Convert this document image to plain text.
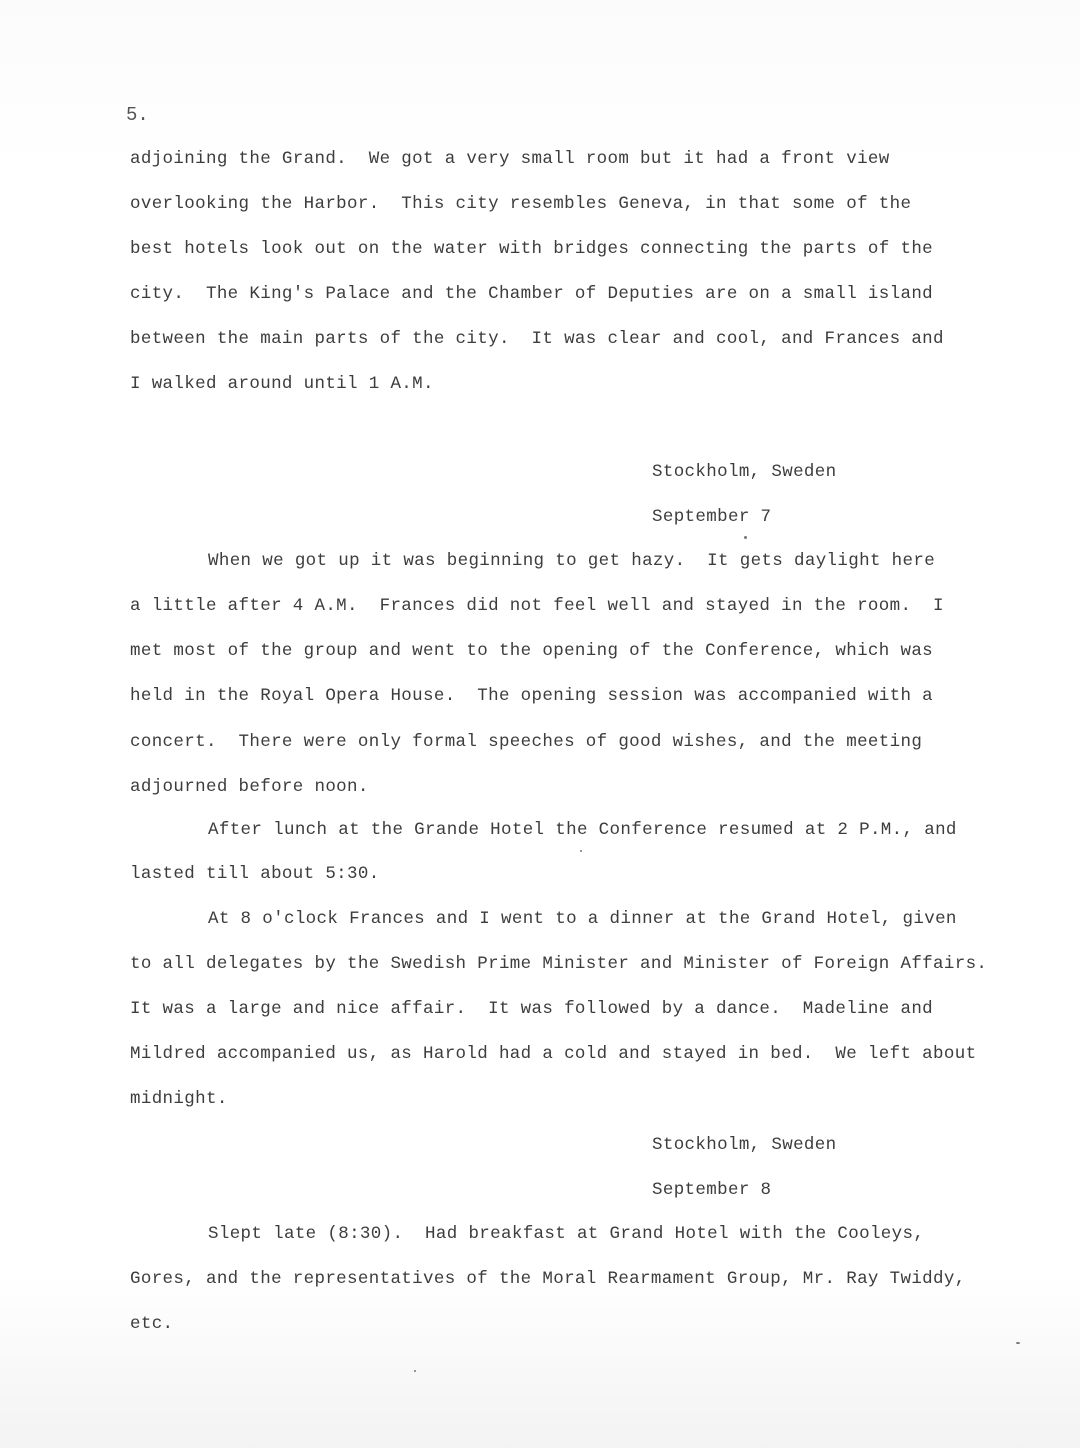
5.
adjoining the Grand.  We got a very small room but it had a front view
overlooking the Harbor.  This city resembles Geneva, in that some of the
best hotels look out on the water with bridges connecting the parts of the
city.  The King's Palace and the Chamber of Deputies are on a small island
between the main parts of the city.  It was clear and cool, and Frances and
I walked around until 1 A.M.
Stockholm, Sweden
September 7
When we got up it was beginning to get hazy.  It gets daylight here
a little after 4 A.M.  Frances did not feel well and stayed in the room.  I
met most of the group and went to the opening of the Conference, which was
held in the Royal Opera House.  The opening session was accompanied with a
concert.  There were only formal speeches of good wishes, and the meeting
adjourned before noon.
After lunch at the Grande Hotel the Conference resumed at 2 P.M., and
lasted till about 5:30.
At 8 o'clock Frances and I went to a dinner at the Grand Hotel, given
to all delegates by the Swedish Prime Minister and Minister of Foreign Affairs.
It was a large and nice affair.  It was followed by a dance.  Madeline and
Mildred accompanied us, as Harold had a cold and stayed in bed.  We left about
midnight.
Stockholm, Sweden
September 8
Slept late (8:30).  Had breakfast at Grand Hotel with the Cooleys,
Gores, and the representatives of the Moral Rearmament Group, Mr. Ray Twiddy,
etc.
